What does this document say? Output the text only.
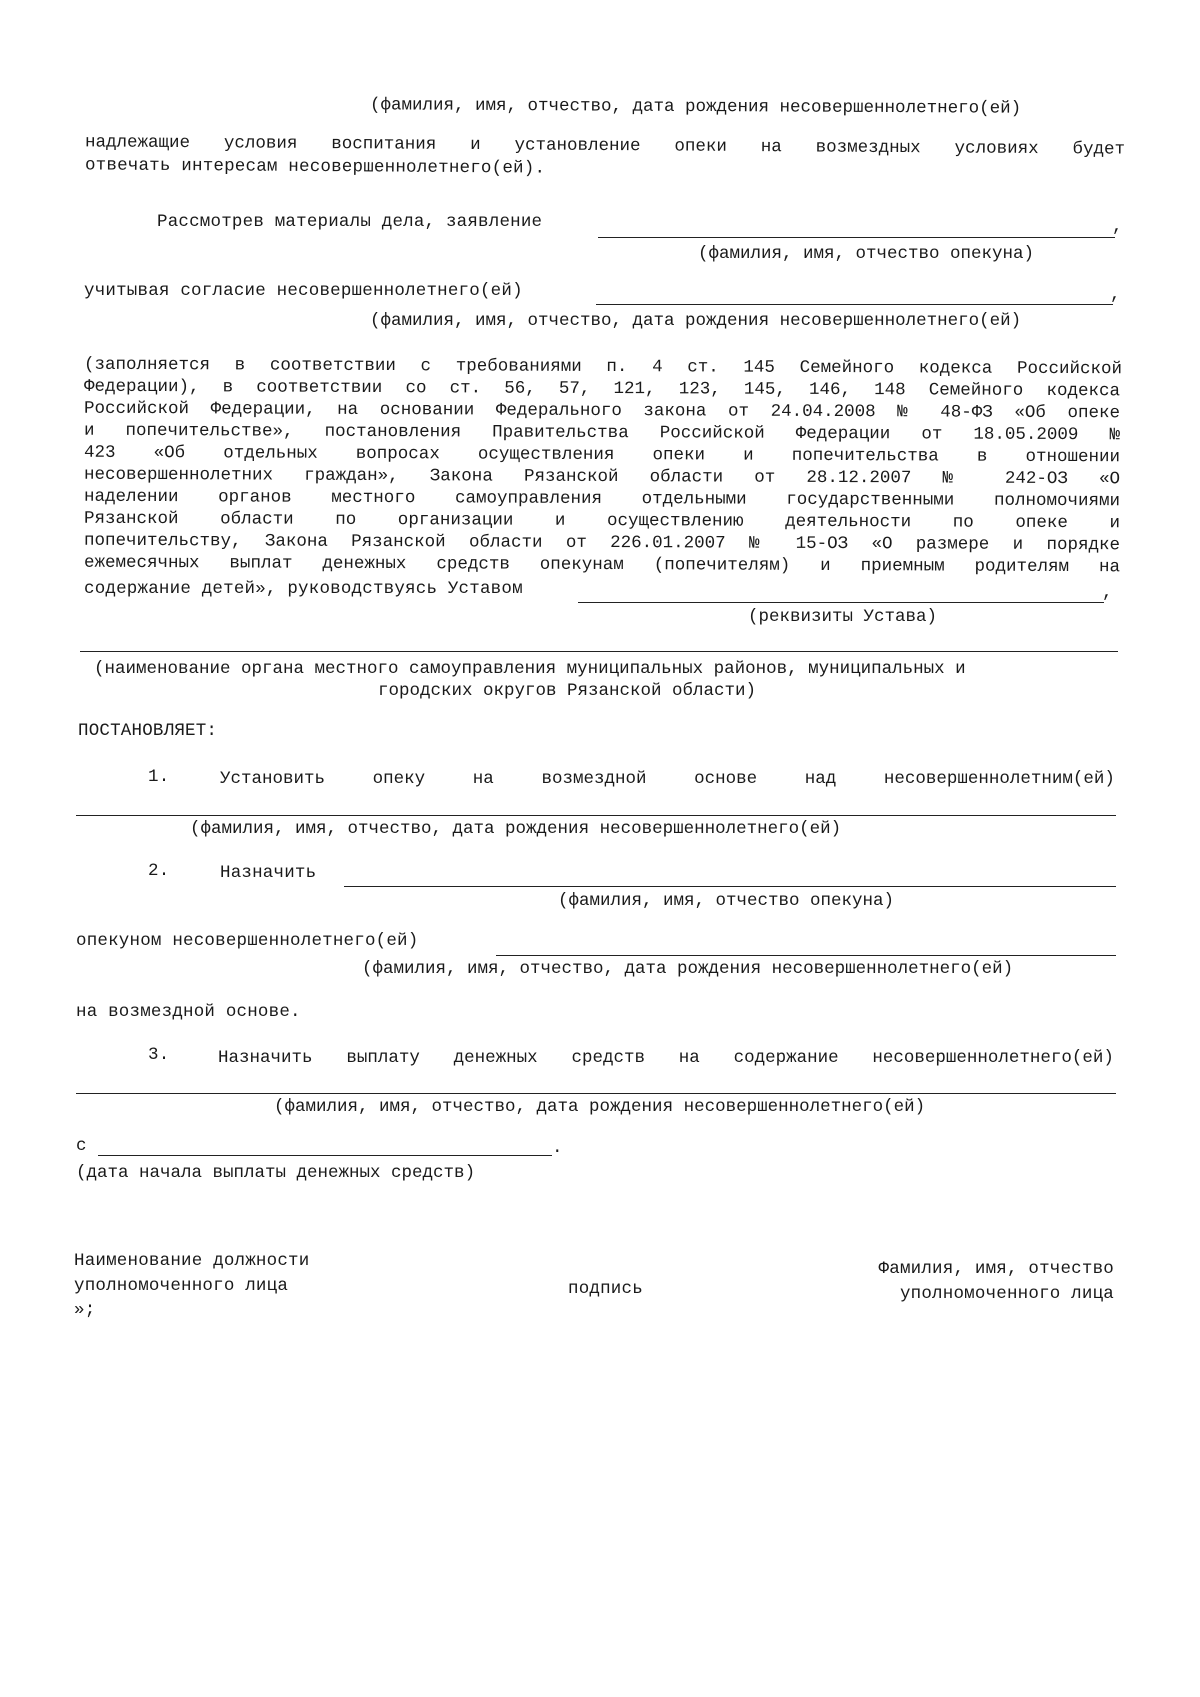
(фамилия, имя, отчество, дата рождения несовершеннолетнего(ей)
надлежащие условия воспитания и установление опеки на возмездных условиях будет
отвечать интересам несовершеннолетнего(ей).
Рассмотрев материалы дела, заявление	,
(фамилия, имя, отчество опекуна)
учитывая согласие несовершеннолетнего(ей)	,
(фамилия, имя, отчество, дата рождения несовершеннолетнего(ей)
(заполняется в соответствии с требованиями п. 4 ст. 145 Семейного кодекса Российской
Федерации), в соответствии со ст. 56, 57, 121, 123, 145, 146, 148 Семейного кодекса
Российской Федерации, на основании Федерального закона от 24.04.2008 № 48-ФЗ «Об опеке
и попечительстве», постановления Правительства Российской Федерации от 18.05.2009 №
423 «Об отдельных вопросах осуществления опеки и попечительства в отношении
несовершеннолетних граждан», Закона Рязанской области от 28.12.2007 № 242-ОЗ «О
наделении органов местного самоуправления отдельными государственными полномочиями
Рязанской области по организации и осуществлению деятельности по опеке и
попечительству, Закона Рязанской области от 226.01.2007 № 15-ОЗ «О размере и порядке
ежемесячных выплат денежных средств опекунам (попечителям) и приемным родителям на
содержание детей», руководствуясь Уставом	,
(реквизиты Устава)
(наименование органа местного самоуправления муниципальных районов, муниципальных и
городских округов Рязанской области)
ПОСТАНОВЛЯЕТ:
1.	Установить	опеку	на	возмездной	основе	над	несовершеннолетним(ей)
(фамилия, имя, отчество, дата рождения несовершеннолетнего(ей)
2.	Назначить
(фамилия, имя, отчество опекуна)
опекуном несовершеннолетнего(ей)
(фамилия, имя, отчество, дата рождения несовершеннолетнего(ей)
на возмездной основе.
3.	Назначить выплату денежных средств на содержание несовершеннолетнего(ей)
(фамилия, имя, отчество, дата рождения несовершеннолетнего(ей)
с	.
(дата начала выплаты денежных средств)
Наименование должности
уполномоченного лица
»;
подпись
Фамилия, имя, отчество
уполномоченного лица
